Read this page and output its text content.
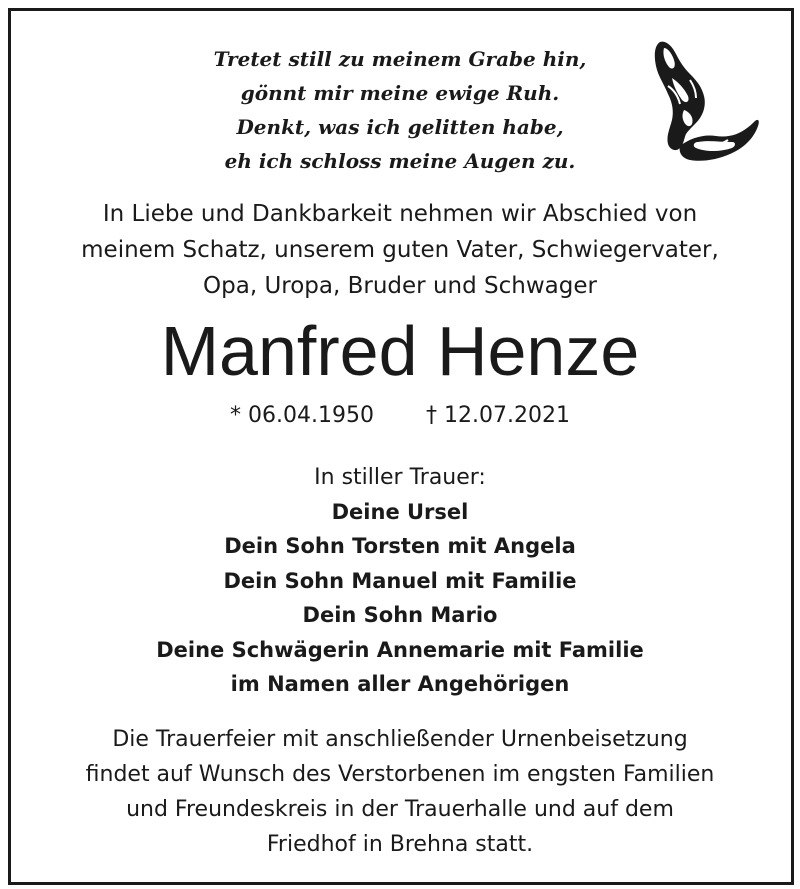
Tretet still zu meinem Grabe hin,
gönnt mir meine ewige Ruh.
Denkt, was ich gelitten habe,
eh ich schloss meine Augen zu.
In Liebe und Dankbarkeit nehmen wir Abschied von
meinem Schatz, unserem guten Vater, Schwiegervater,
Opa, Uropa, Bruder und Schwager
Manfred Henze
* 06.04.1950 † 12.07.2021
In stiller Trauer:
Deine Ursel
Dein Sohn Torsten mit Angela
Dein Sohn Manuel mit Familie
Dein Sohn Mario
Deine Schwägerin Annemarie mit Familie
im Namen aller Angehörigen
Die Trauerfeier mit anschließender Urnenbeisetzung
findet auf Wunsch des Verstorbenen im engsten Familien
und Freundeskreis in der Trauerhalle und auf dem
Friedhof in Brehna statt.
